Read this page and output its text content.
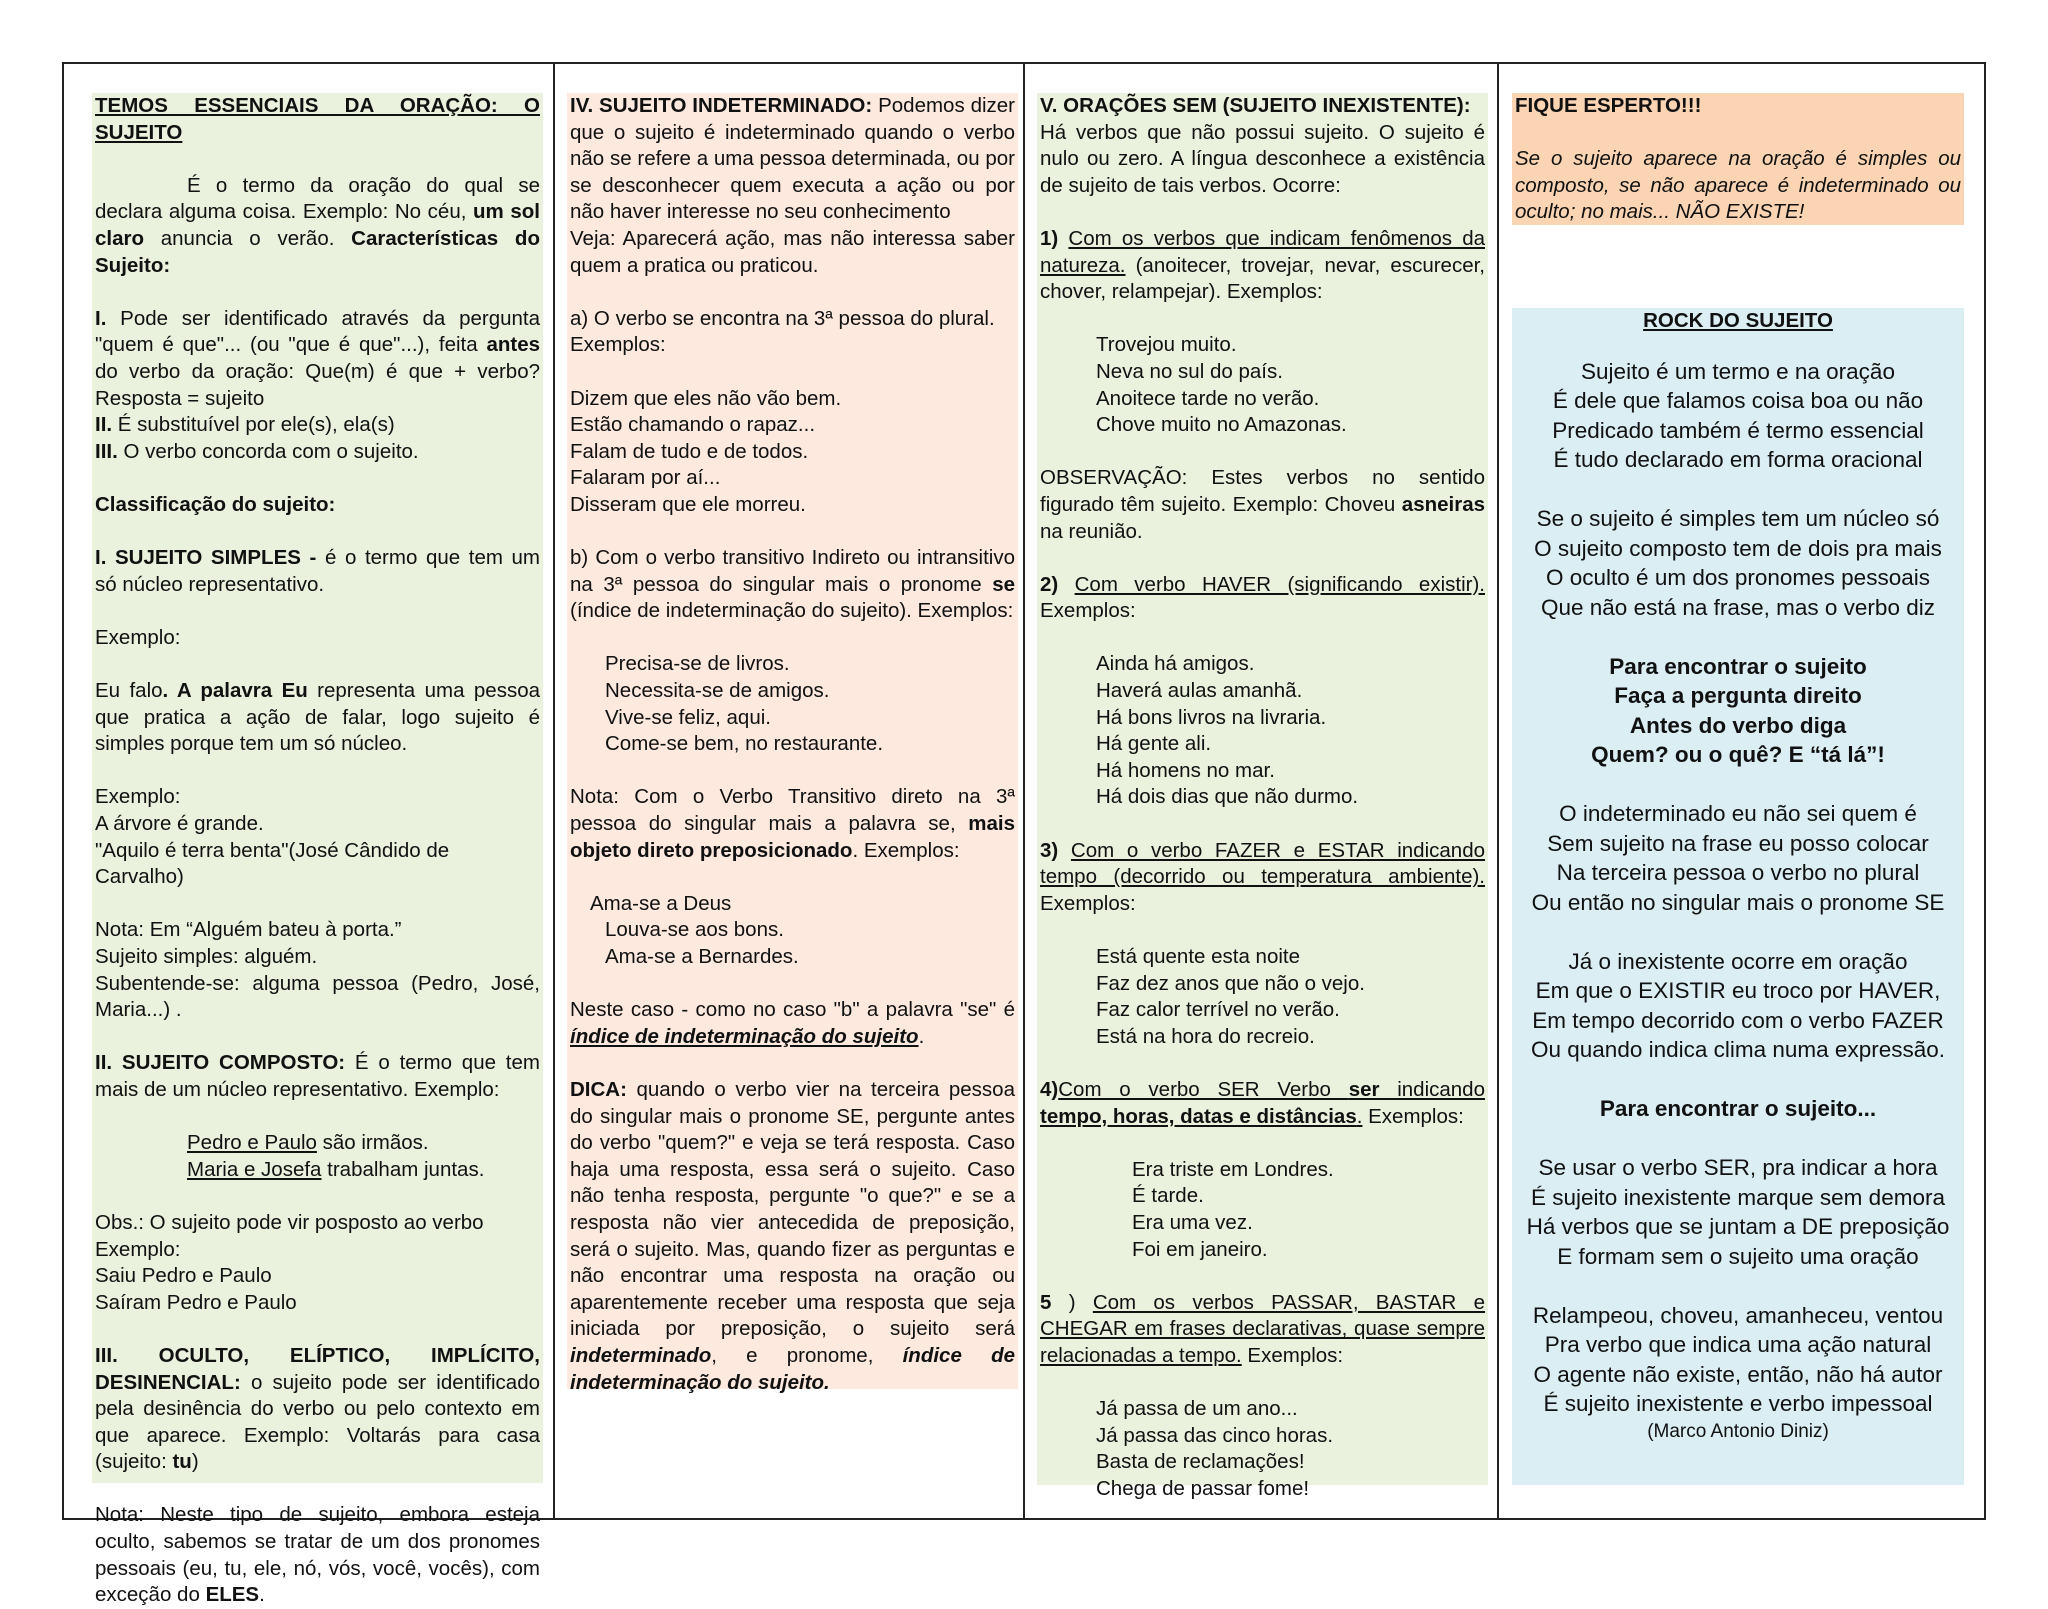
TEMOS ESSENCIAIS DA ORAÇÃO: O SUJEITO
É o termo da oração do qual se declara alguma coisa. Exemplo: No céu, um sol claro anuncia o verão. Características do Sujeito:
I. Pode ser identificado através da pergunta "quem é que"... (ou "que é que"...), feita antes do verbo da oração: Que(m) é que + verbo? Resposta = sujeito
II. É substituível por ele(s), ela(s)
III. O verbo concorda com o sujeito.
Classificação do sujeito:
I. SUJEITO SIMPLES - é o termo que tem um só núcleo representativo.
Exemplo:
Eu falo. A palavra Eu representa uma pessoa que pratica a ação de falar, logo sujeito é simples porque tem um só núcleo.
Exemplo:
A árvore é grande.
"Aquilo é terra benta"(José Cândido de Carvalho)
Nota: Em “Alguém bateu à porta.”
Sujeito simples: alguém.
Subentende-se: alguma pessoa (Pedro, José, Maria...) .
II. SUJEITO COMPOSTO: É o termo que tem mais de um núcleo representativo. Exemplo:
Pedro e Paulo são irmãos.
Maria e Josefa trabalham juntas.
Obs.: O sujeito pode vir posposto ao verbo
Exemplo:
Saiu Pedro e Paulo
Saíram Pedro e Paulo
III. OCULTO, ELÍPTICO, IMPLÍCITO, DESINENCIAL: o sujeito pode ser identificado pela desinência do verbo ou pelo contexto em que aparece. Exemplo: Voltarás para casa (sujeito: tu)
Nota: Neste tipo de sujeito, embora esteja oculto, sabemos se tratar de um dos pronomes pessoais (eu, tu, ele, nó, vós, você, vocês), com exceção do ELES.
IV. SUJEITO INDETERMINADO: Podemos dizer que o sujeito é indeterminado quando o verbo não se refere a uma pessoa determinada, ou por se desconhecer quem executa a ação ou por não haver interesse no seu conhecimento
Veja: Aparecerá ação, mas não interessa saber quem a pratica ou praticou.
a) O verbo se encontra na 3ª pessoa do plural. Exemplos:
Dizem que eles não vão bem.
Estão chamando o rapaz...
Falam de tudo e de todos.
Falaram por aí...
Disseram que ele morreu.
b) Com o verbo transitivo Indireto ou intransitivo na 3ª pessoa do singular mais o pronome se (índice de indeterminação do sujeito). Exemplos:
Precisa-se de livros.
Necessita-se de amigos.
Vive-se feliz, aqui.
Come-se bem, no restaurante.
Nota: Com o Verbo Transitivo direto na 3ª pessoa do singular mais a palavra se, mais objeto direto preposicionado. Exemplos:
Ama-se a Deus
Louva-se aos bons.
Ama-se a Bernardes.
Neste caso - como no caso "b" a palavra "se" é índice de indeterminação do sujeito.
DICA: quando o verbo vier na terceira pessoa do singular mais o pronome SE, pergunte antes do verbo "quem?" e veja se terá resposta. Caso haja uma resposta, essa será o sujeito. Caso não tenha resposta, pergunte "o que?" e se a resposta não vier antecedida de preposição, será o sujeito. Mas, quando fizer as perguntas e não encontrar uma resposta na oração ou aparentemente receber uma resposta que seja iniciada por preposição, o sujeito será indeterminado, e pronome, índice de indeterminação do sujeito.
V. ORAÇÕES SEM (SUJEITO INEXISTENTE):
Há verbos que não possui sujeito. O sujeito é nulo ou zero. A língua desconhece a existência de sujeito de tais verbos. Ocorre:
1) Com os verbos que indicam fenômenos da natureza. (anoitecer, trovejar, nevar, escurecer, chover, relampejar). Exemplos:
Trovejou muito.
Neva no sul do país.
Anoitece tarde no verão.
Chove muito no Amazonas.
OBSERVAÇÃO: Estes verbos no sentido figurado têm sujeito. Exemplo: Choveu asneiras na reunião.
2) Com verbo HAVER (significando existir). Exemplos:
Ainda há amigos.
Haverá aulas amanhã.
Há bons livros na livraria.
Há gente ali.
Há homens no mar.
Há dois dias que não durmo.
3) Com o verbo FAZER e ESTAR indicando tempo (decorrido ou temperatura ambiente). Exemplos:
Está quente esta noite
Faz dez anos que não o vejo.
Faz calor terrível no verão.
Está na hora do recreio.
4)Com o verbo SER Verbo ser indicando tempo, horas, datas e distâncias. Exemplos:
Era triste em Londres.
É tarde.
Era uma vez.
Foi em janeiro.
5 ) Com os verbos PASSAR, BASTAR e CHEGAR em frases declarativas, quase sempre relacionadas a tempo. Exemplos:
Já passa de um ano...
Já passa das cinco horas.
Basta de reclamações!
Chega de passar fome!
FIQUE ESPERTO!!!
Se o sujeito aparece na oração é simples ou composto, se não aparece é indeterminado ou oculto; no mais... NÃO EXISTE!
ROCK DO SUJEITO
Sujeito é um termo e na oração
É dele que falamos coisa boa ou não
Predicado também é termo essencial
É tudo declarado em forma oracional
Se o sujeito é simples tem um núcleo só
O sujeito composto tem de dois pra mais
O oculto é um dos pronomes pessoais
Que não está na frase, mas o verbo diz
Para encontrar o sujeito
Faça a pergunta direito
Antes do verbo diga
Quem? ou o quê? E “tá lá”!
O indeterminado eu não sei quem é
Sem sujeito na frase eu posso colocar
Na terceira pessoa o verbo no plural
Ou então no singular mais o pronome SE
Já o inexistente ocorre em oração
Em que o EXISTIR eu troco por HAVER,
Em tempo decorrido com o verbo FAZER
Ou quando indica clima numa expressão.
Para encontrar o sujeito...
Se usar o verbo SER, pra indicar a hora
É sujeito inexistente marque sem demora
Há verbos que se juntam a DE preposição
E formam sem o sujeito uma oração
Relampeou, choveu, amanheceu, ventou
Pra verbo que indica uma ação natural
O agente não existe, então, não há autor
É sujeito inexistente e verbo impessoal
(Marco Antonio Diniz)
